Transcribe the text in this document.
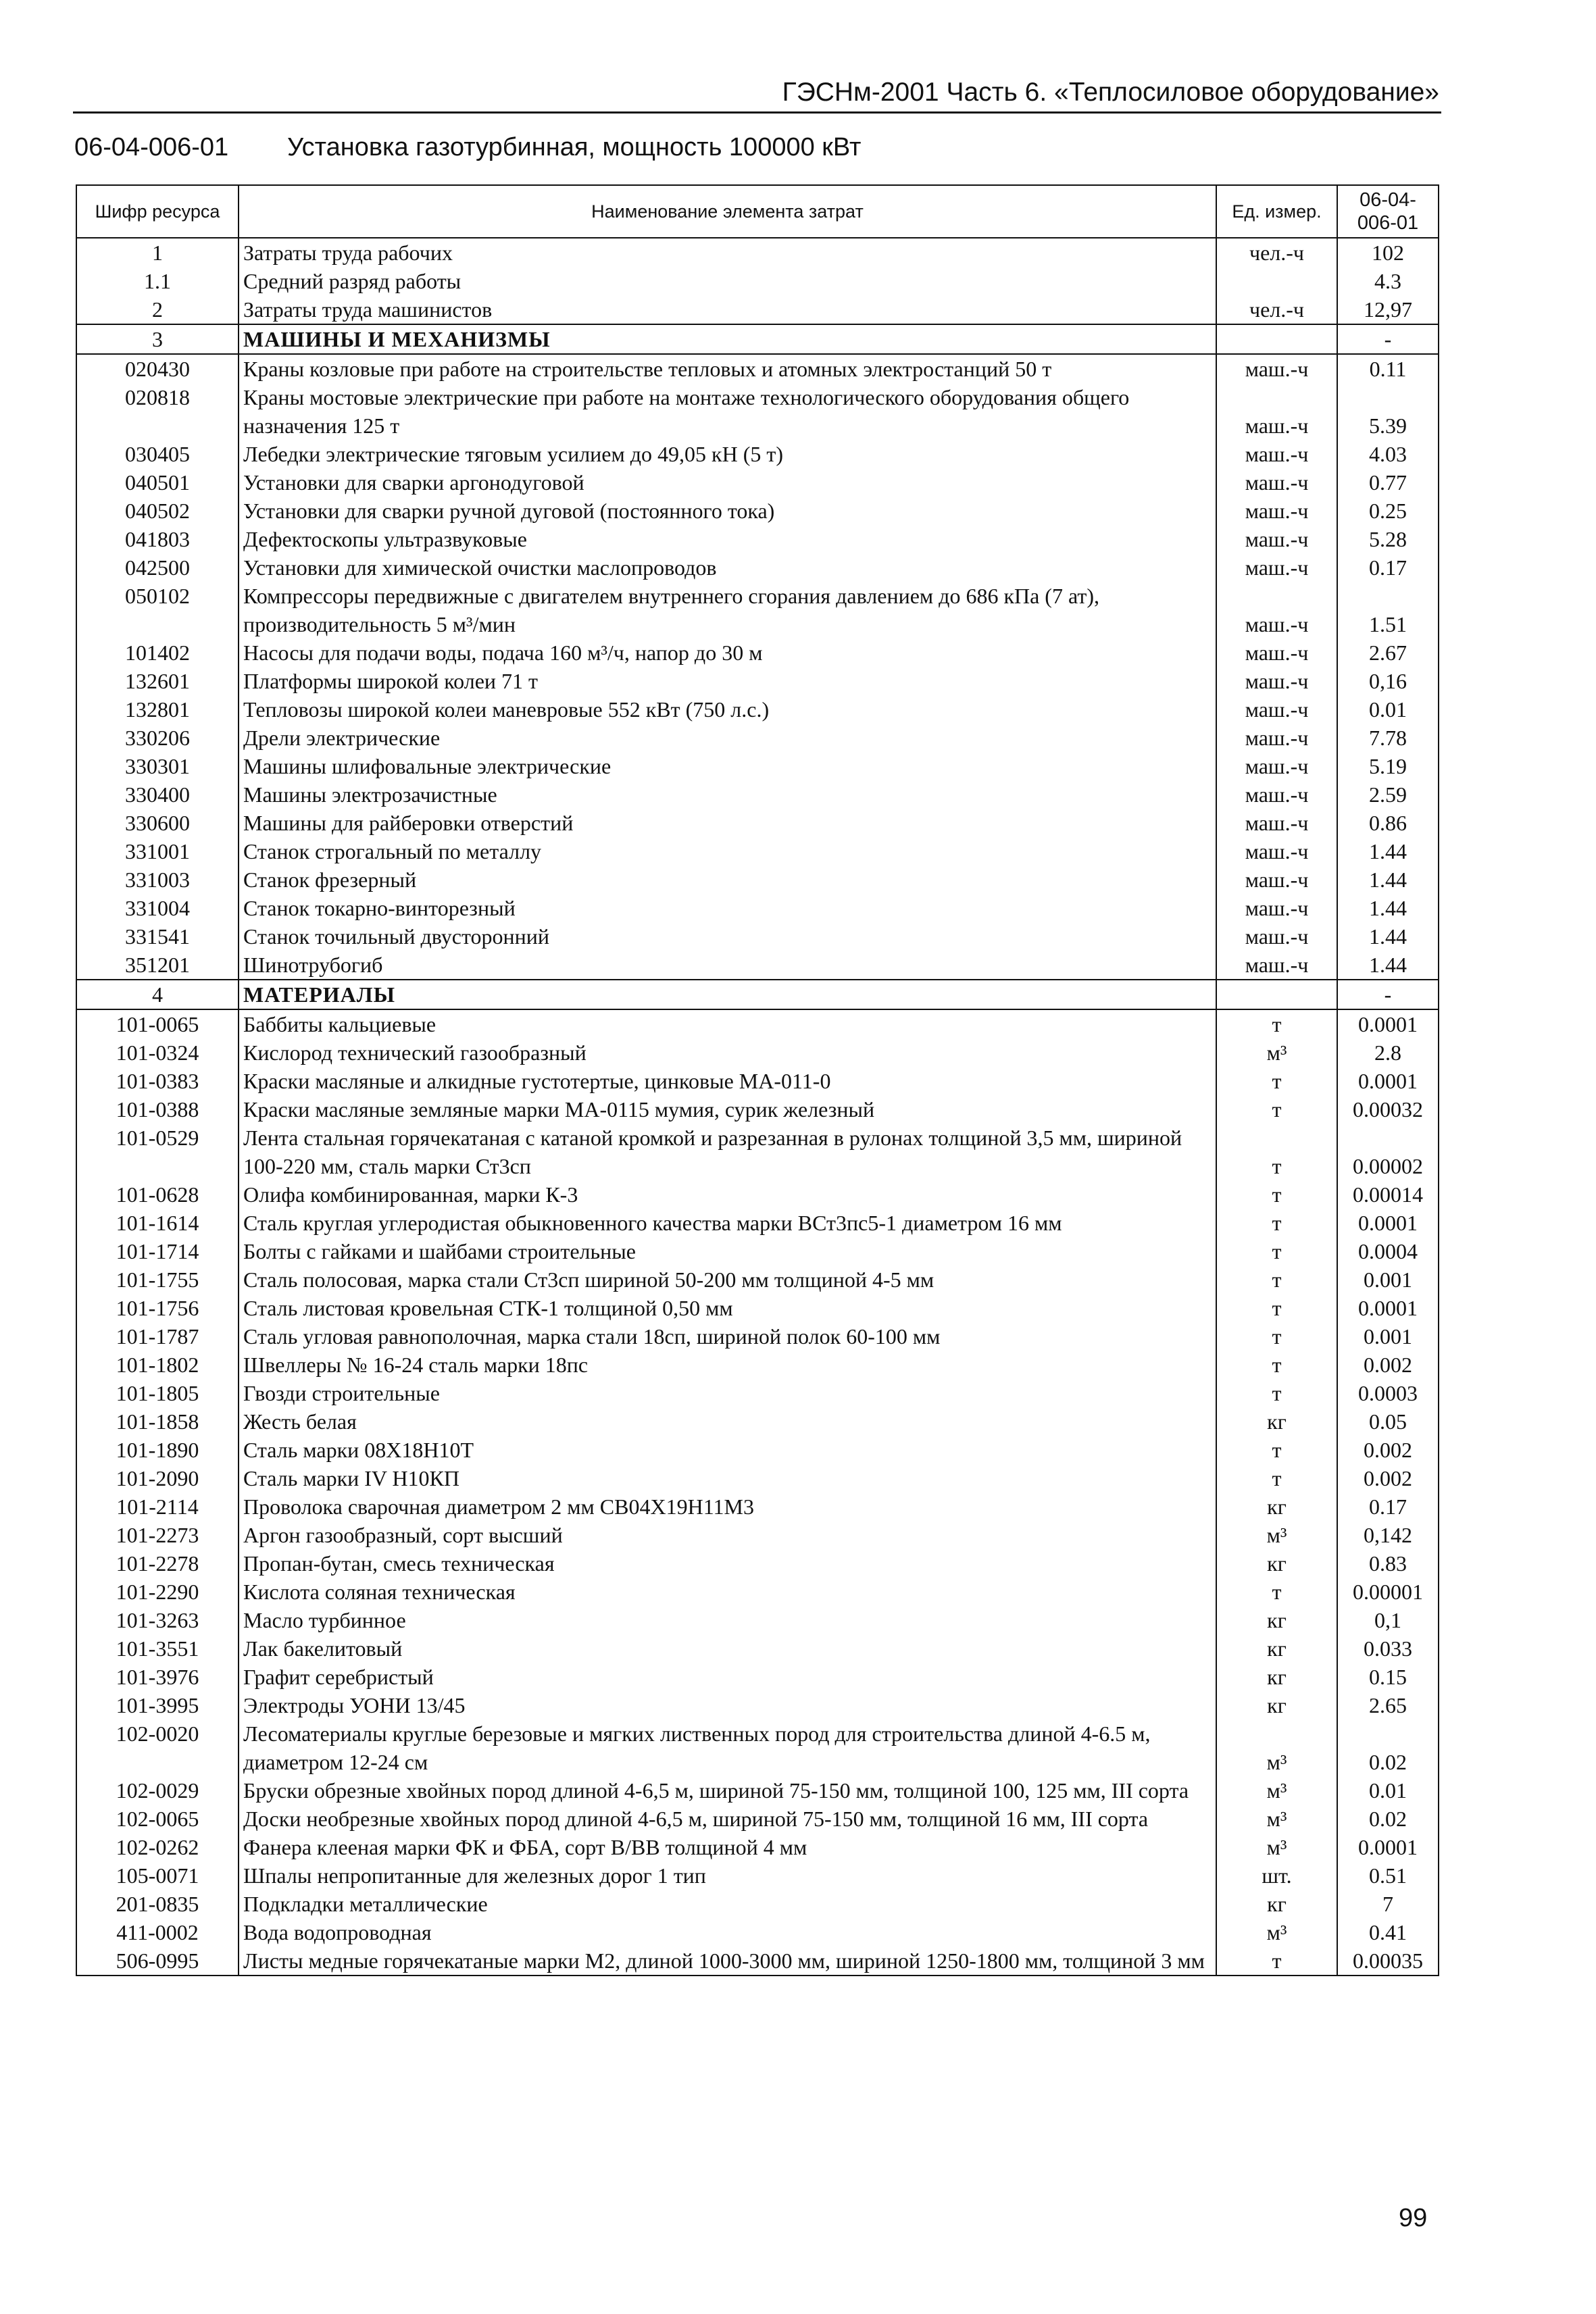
ГЭСНм-2001 Часть 6. «Теплосиловое оборудование»
06-04-006-01 Установка газотурбинная, мощность 100000 кВт
Шифр ресурса	Наименование элемента затрат	Ед. измер.	06-04-006-01
1	Затраты труда рабочих	чел.-ч	102
1.1	Средний разряд работы		4.3
2	Затраты труда машинистов	чел.-ч	12,97
3	МАШИНЫ И МЕХАНИЗМЫ		-
020430	Краны козловые при работе на строительстве тепловых и атомных электростанций 50 т	маш.-ч	0.11
020818	Краны мостовые электрические при работе на монтаже технологического оборудования общего назначения 125 т	маш.-ч	5.39
030405	Лебедки электрические тяговым усилием до 49,05 кН (5 т)	маш.-ч	4.03
040501	Установки для сварки аргонодуговой	маш.-ч	0.77
040502	Установки для сварки ручной дуговой (постоянного тока)	маш.-ч	0.25
041803	Дефектоскопы ультразвуковые	маш.-ч	5.28
042500	Установки для химической очистки маслопроводов	маш.-ч	0.17
050102	Компрессоры передвижные с двигателем внутреннего сгорания давлением до 686 кПа (7 ат), производительность 5 м³/мин	маш.-ч	1.51
101402	Насосы для подачи воды, подача 160 м³/ч, напор до 30 м	маш.-ч	2.67
132601	Платформы широкой колеи 71 т	маш.-ч	0,16
132801	Тепловозы широкой колеи маневровые 552 кВт (750 л.с.)	маш.-ч	0.01
330206	Дрели электрические	маш.-ч	7.78
330301	Машины шлифовальные электрические	маш.-ч	5.19
330400	Машины электрозачистные	маш.-ч	2.59
330600	Машины для райберовки отверстий	маш.-ч	0.86
331001	Станок строгальный по металлу	маш.-ч	1.44
331003	Станок фрезерный	маш.-ч	1.44
331004	Станок токарно-винторезный	маш.-ч	1.44
331541	Станок точильный двусторонний	маш.-ч	1.44
351201	Шинотрубогиб	маш.-ч	1.44
4	МАТЕРИАЛЫ		-
101-0065	Баббиты кальциевые	т	0.0001
101-0324	Кислород технический газообразный	м³	2.8
101-0383	Краски масляные и алкидные густотертые, цинковые МА-011-0	т	0.0001
101-0388	Краски масляные земляные марки МА-0115 мумия, сурик железный	т	0.00032
101-0529	Лента стальная горячекатаная с катаной кромкой и разрезанная в рулонах толщиной 3,5 мм, шириной 100-220 мм, сталь марки Ст3сп	т	0.00002
101-0628	Олифа комбинированная, марки К-3	т	0.00014
101-1614	Сталь круглая углеродистая обыкновенного качества марки ВСт3пс5-1 диаметром 16 мм	т	0.0001
101-1714	Болты с гайками и шайбами строительные	т	0.0004
101-1755	Сталь полосовая, марка стали Ст3сп шириной 50-200 мм толщиной 4-5 мм	т	0.001
101-1756	Сталь листовая кровельная СТК-1 толщиной 0,50 мм	т	0.0001
101-1787	Сталь угловая равнополочная, марка стали 18сп, шириной полок 60-100 мм	т	0.001
101-1802	Швеллеры № 16-24 сталь марки 18пс	т	0.002
101-1805	Гвозди строительные	т	0.0003
101-1858	Жесть белая	кг	0.05
101-1890	Сталь марки 08Х18Н10Т	т	0.002
101-2090	Сталь марки IV Н10КП	т	0.002
101-2114	Проволока сварочная диаметром 2 мм СВ04Х19Н11М3	кг	0.17
101-2273	Аргон газообразный, сорт высший	м³	0,142
101-2278	Пропан-бутан, смесь техническая	кг	0.83
101-2290	Кислота соляная техническая	т	0.00001
101-3263	Масло турбинное	кг	0,1
101-3551	Лак бакелитовый	кг	0.033
101-3976	Графит серебристый	кг	0.15
101-3995	Электроды УОНИ 13/45	кг	2.65
102-0020	Лесоматериалы круглые березовые и мягких лиственных пород для строительства длиной 4-6.5 м, диаметром 12-24 см	м³	0.02
102-0029	Бруски обрезные хвойных пород длиной 4-6,5 м, шириной 75-150 мм, толщиной 100, 125 мм, III сорта	м³	0.01
102-0065	Доски необрезные хвойных пород длиной 4-6,5 м, шириной 75-150 мм, толщиной 16 мм, III сорта	м³	0.02
102-0262	Фанера клееная марки ФК и ФБА, сорт В/ВВ толщиной 4 мм	м³	0.0001
105-0071	Шпалы непропитанные для железных дорог 1 тип	шт.	0.51
201-0835	Подкладки металлические	кг	7
411-0002	Вода водопроводная	м³	0.41
506-0995	Листы медные горячекатаные марки М2, длиной 1000-3000 мм, шириной 1250-1800 мм, толщиной 3 мм	т	0.00035
99
